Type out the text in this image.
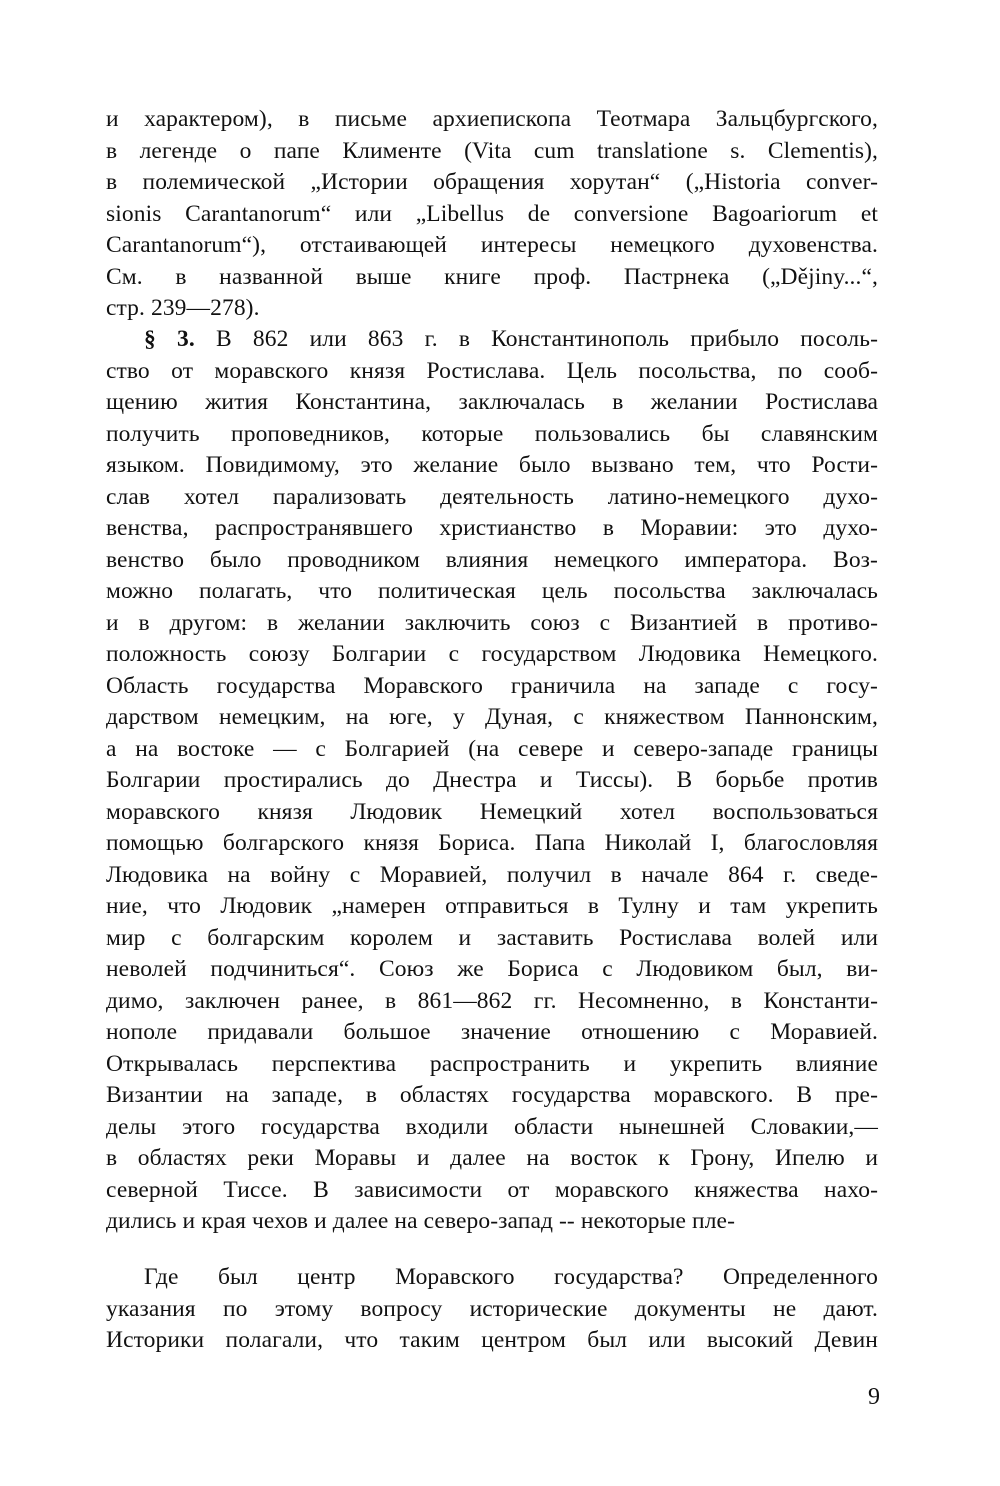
и характером), в письме архиепископа Теотмара Зальцбургского,
в легенде о папе Клименте (Vita cum translatione s. Clementis),
в полемической „Истории обращения хорутан“ („Historia conver-
sionis Carantanorum“ или „Libellus de conversione Bagoariorum et
Carantanorum“), отстаивающей интересы немецкого духовенства.
См. в названной выше книге проф. Пастрнека („Dějiny...“,
стр. 239—278).
§ 3. В 862 или 863 г. в Константинополь прибыло посоль-
ство от моравского князя Ростислава. Цель посольства, по сооб-
щению жития Константина, заключалась в желании Ростислава
получить проповедников, которые пользовались бы славянским
языком. Повидимому, это желание было вызвано тем, что Рости-
слав хотел парализовать деятельность латино-немецкого духо-
венства, распространявшего христианство в Моравии: это духо-
венство было проводником влияния немецкого императора. Воз-
можно полагать, что политическая цель посольства заключалась
и в другом: в желании заключить союз с Византией в противо-
положность союзу Болгарии с государством Людовика Немецкого.
Область государства Моравского граничила на западе с госу-
дарством немецким, на юге, у Дуная, с княжеством Паннонским,
а на востоке — с Болгарией (на севере и северо-западе границы
Болгарии простирались до Днестра и Тиссы). В борьбе против
моравского князя Людовик Немецкий хотел воспользоваться
помощью болгарского князя Бориса. Папа Николай I, благословляя
Людовика на войну с Моравией, получил в начале 864 г. сведе-
ние, что Людовик „намерен отправиться в Тулну и там укрепить
мир с болгарским королем и заставить Ростислава волей или
неволей подчиниться“. Союз же Бориса с Людовиком был, ви-
димо, заключен ранее, в 861—862 гг. Несомненно, в Константи-
нополе придавали большое значение отношению с Моравией.
Открывалась перспектива распространить и укрепить влияние
Византии на западе, в областях государства моравского. В пре-
делы этого государства входили области нынешней Словакии,—
в областях реки Моравы и далее на восток к Грону, Ипелю и
северной Тиссе. В зависимости от моравского княжества нахо-
дились и края чехов и далее на северо-запад -- некоторые пле-
Где был центр Моравского государства? Определенного
указания по этому вопросу исторические документы не дают.
Историки полагали, что таким центром был или высокий Девин
9
